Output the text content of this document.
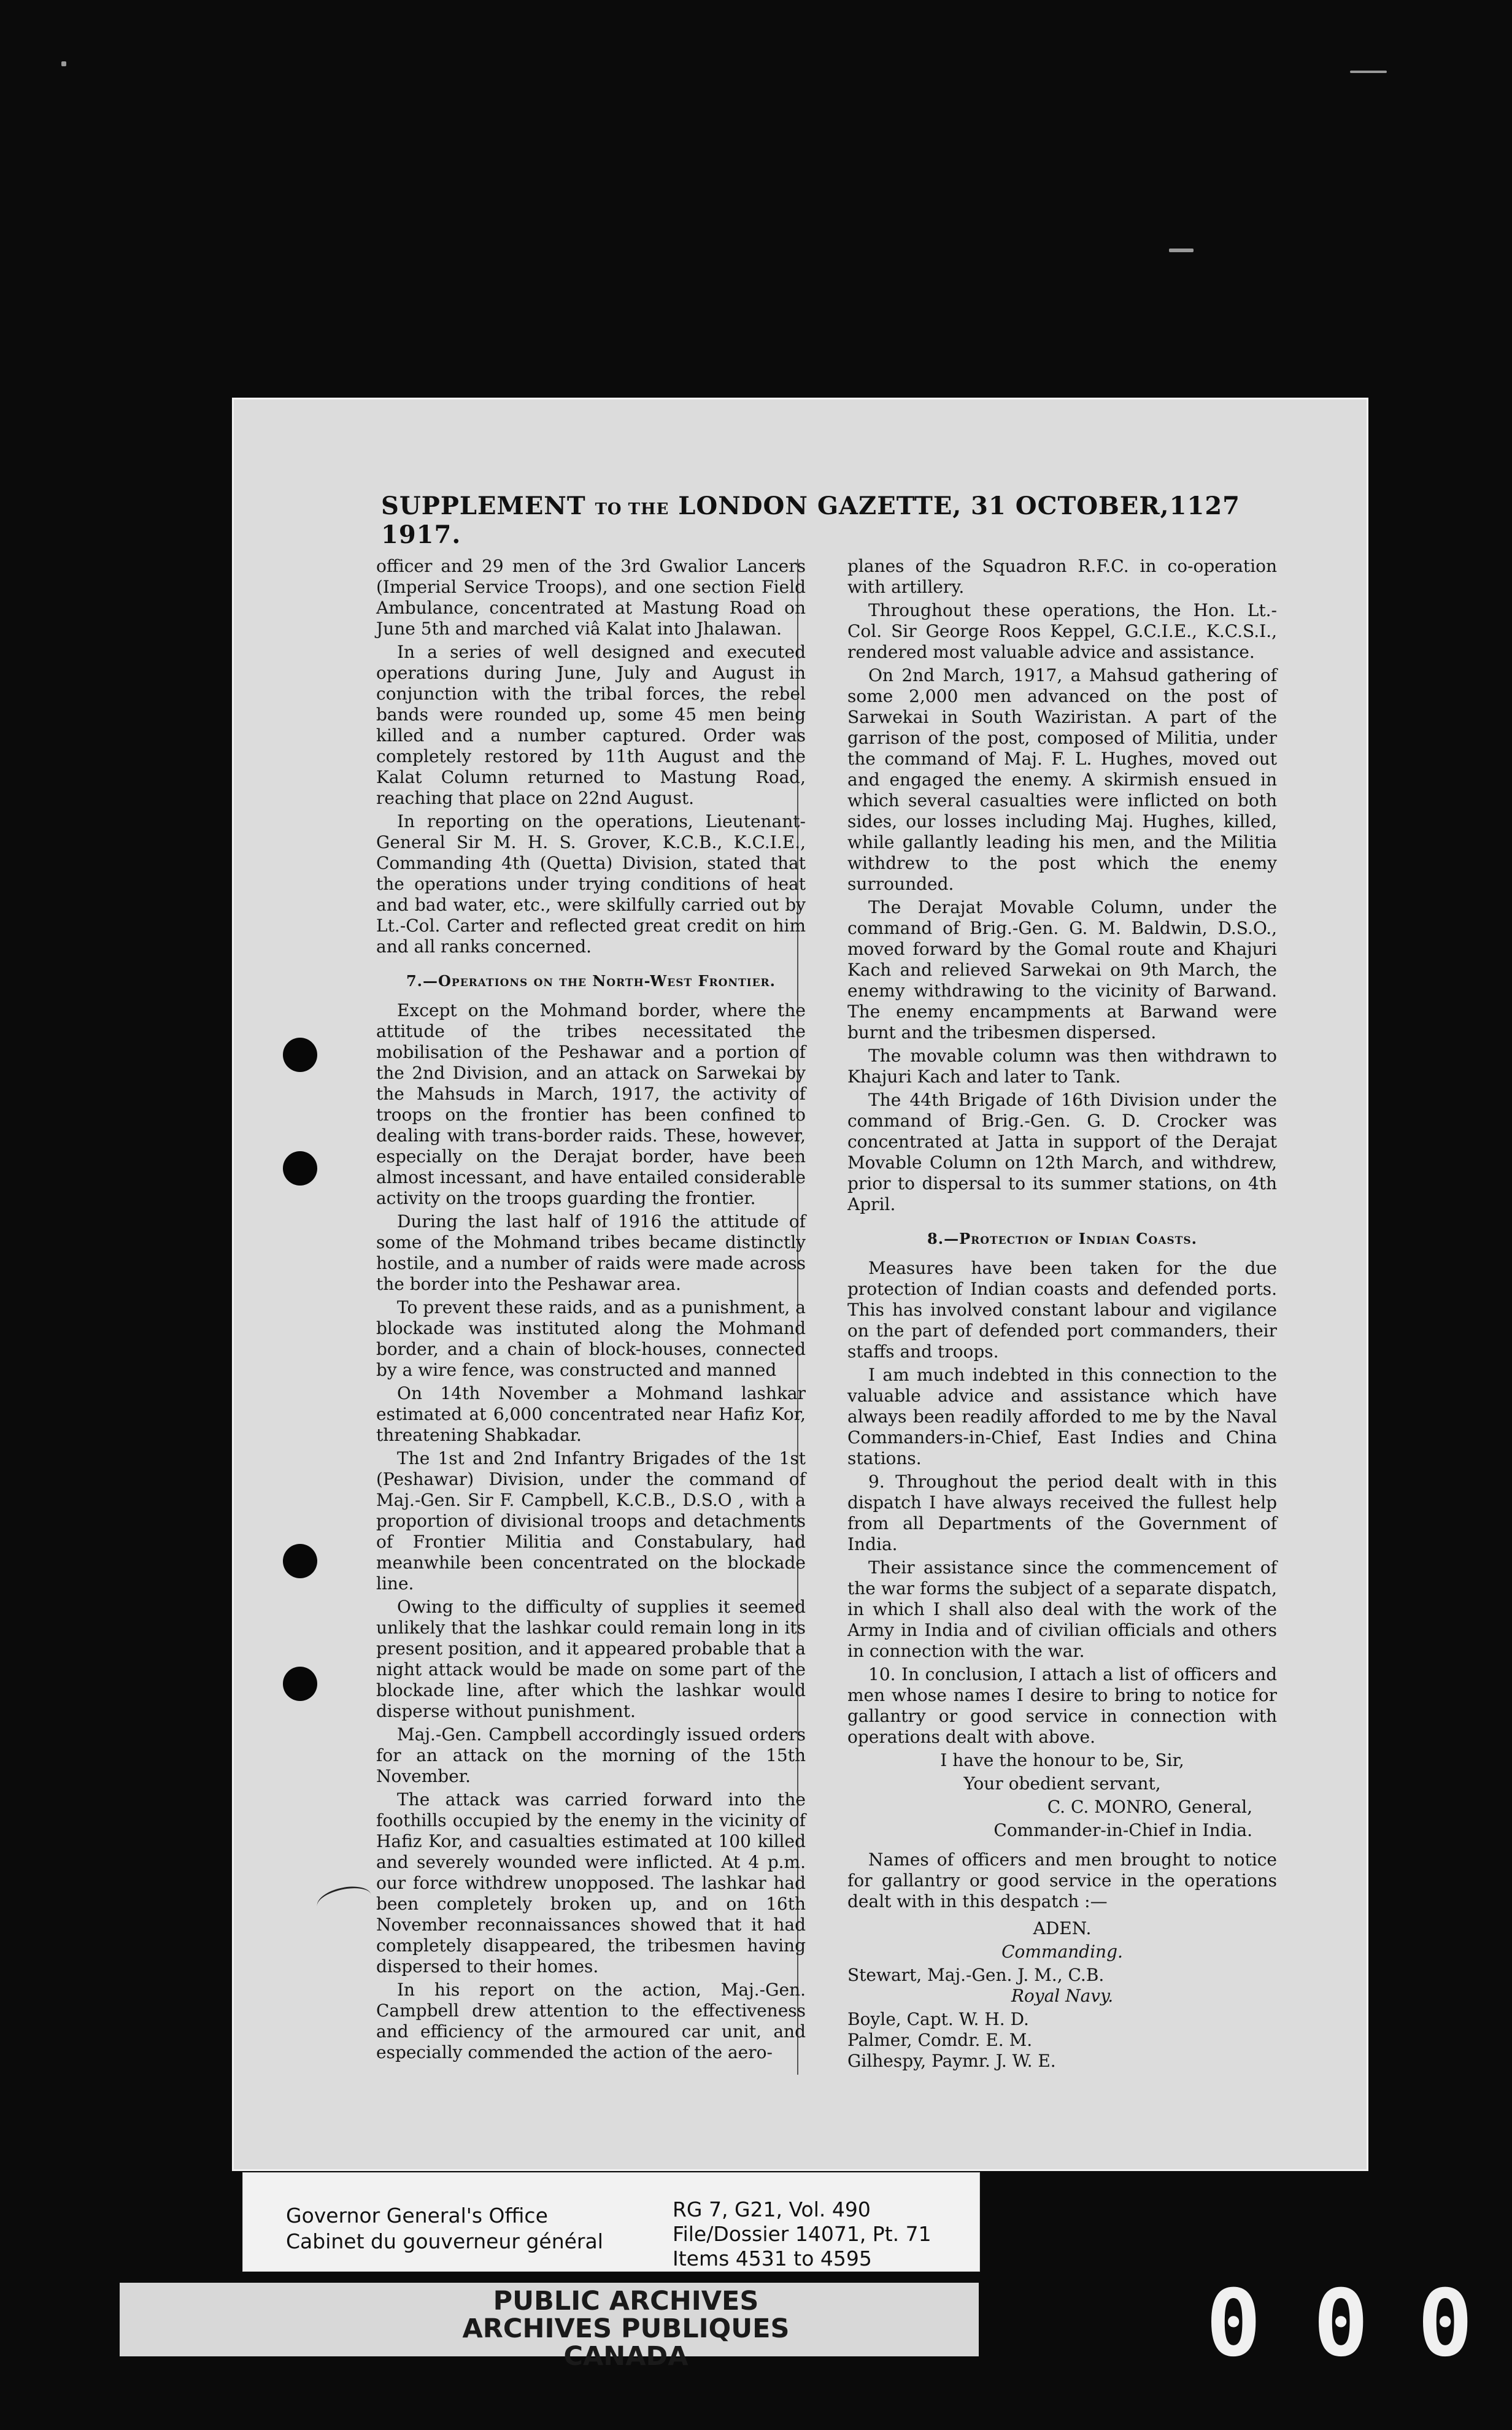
SUPPLEMENT TO THE LONDON GAZETTE, 31 OCTOBER, 1917.
1127

officer and 29 men of the 3rd Gwalior Lancers (Imperial Service Troops), and one section Field Ambulance, concentrated at Mastung Road on June 5th and marched viâ Kalat into Jhalawan.

In a series of well designed and executed operations during June, July and August in conjunction with the tribal forces, the rebel bands were rounded up, some 45 men being killed and a number captured. Order was completely restored by 11th August and the Kalat Column returned to Mastung Road, reaching that place on 22nd August.

In reporting on the operations, Lieutenant-General Sir M. H. S. Grover, K.C.B., K.C.I.E., Commanding 4th (Quetta) Division, stated that the operations under trying conditions of heat and bad water, etc., were skilfully carried out by Lt.-Col. Carter and reflected great credit on him and all ranks concerned.

7.—Operations on the North-West Frontier.

Except on the Mohmand border, where the attitude of the tribes necessitated the mobilisation of the Peshawar and a portion of the 2nd Division, and an attack on Sarwekai by the Mahsuds in March, 1917, the activity of troops on the frontier has been confined to dealing with trans-border raids. These, however, especially on the Derajat border, have been almost incessant, and have entailed considerable activity on the troops guarding the frontier.

During the last half of 1916 the attitude of some of the Mohmand tribes became distinctly hostile, and a number of raids were made across the border into the Peshawar area.

To prevent these raids, and as a punishment, a blockade was instituted along the Mohmand border, and a chain of block-houses, connected by a wire fence, was constructed and manned

On 14th November a Mohmand lashkar estimated at 6,000 concentrated near Hafiz Kor, threatening Shabkadar.

The 1st and 2nd Infantry Brigades of the 1st (Peshawar) Division, under the command of Maj.-Gen. Sir F. Campbell, K.C.B., D.S.O , with a proportion of divisional troops and detachments of Frontier Militia and Constabulary, had meanwhile been concentrated on the blockade line.

Owing to the difficulty of supplies it seemed unlikely that the lashkar could remain long in its present position, and it appeared probable that a night attack would be made on some part of the blockade line, after which the lashkar would disperse without punishment.

Maj.-Gen. Campbell accordingly issued orders for an attack on the morning of the 15th November.

The attack was carried forward into the foothills occupied by the enemy in the vicinity of Hafiz Kor, and casualties estimated at 100 killed and severely wounded were inflicted. At 4 p.m. our force withdrew unopposed. The lashkar had been completely broken up, and on 16th November reconnaissances showed that it had completely disappeared, the tribesmen having dispersed to their homes.

In his report on the action, Maj.-Gen. Campbell drew attention to the effectiveness and efficiency of the armoured car unit, and especially commended the action of the aero-

planes of the Squadron R.F.C. in co-operation with artillery.

Throughout these operations, the Hon. Lt.-Col. Sir George Roos Keppel, G.C.I.E., K.C.S.I., rendered most valuable advice and assistance.

On 2nd March, 1917, a Mahsud gathering of some 2,000 men advanced on the post of Sarwekai in South Waziristan. A part of the garrison of the post, composed of Militia, under the command of Maj. F. L. Hughes, moved out and engaged the enemy. A skirmish ensued in which several casualties were inflicted on both sides, our losses including Maj. Hughes, killed, while gallantly leading his men, and the Militia withdrew to the post which the enemy surrounded.

The Derajat Movable Column, under the command of Brig.-Gen. G. M. Baldwin, D.S.O., moved forward by the Gomal route and Khajuri Kach and relieved Sarwekai on 9th March, the enemy withdrawing to the vicinity of Barwand. The enemy encampments at Barwand were burnt and the tribesmen dispersed.

The movable column was then withdrawn to Khajuri Kach and later to Tank.

The 44th Brigade of 16th Division under the command of Brig.-Gen. G. D. Crocker was concentrated at Jatta in support of the Derajat Movable Column on 12th March, and withdrew, prior to dispersal to its summer stations, on 4th April.

8.—Protection of Indian Coasts.

Measures have been taken for the due protection of Indian coasts and defended ports. This has involved constant labour and vigilance on the part of defended port commanders, their staffs and troops.

I am much indebted in this connection to the valuable advice and assistance which have always been readily afforded to me by the Naval Commanders-in-Chief, East Indies and China stations.

9. Throughout the period dealt with in this dispatch I have always received the fullest help from all Departments of the Government of India.

Their assistance since the commencement of the war forms the subject of a separate dispatch, in which I shall also deal with the work of the Army in India and of civilian officials and others in connection with the war.

10. In conclusion, I attach a list of officers and men whose names I desire to bring to notice for gallantry or good service in connection with operations dealt with above.

I have the honour to be, Sir,

Your obedient servant,

C. C. MONRO, General,

Commander-in-Chief in India.

Names of officers and men brought to notice for gallantry or good service in the operations dealt with in this despatch :—

ADEN.

Commanding.

Stewart, Maj.-Gen. J. M., C.B.

Royal Navy.

Boyle, Capt. W. H. D.

Palmer, Comdr. E. M.

Gilhespy, Paymr. J. W. E.

Governor General's Office
Cabinet du gouverneur général
RG 7, G21, Vol. 490
File/Dossier 14071, Pt. 71
Items 4531 to 4595
PUBLIC ARCHIVES
ARCHIVES PUBLIQUES
CANADA	0 0 0
